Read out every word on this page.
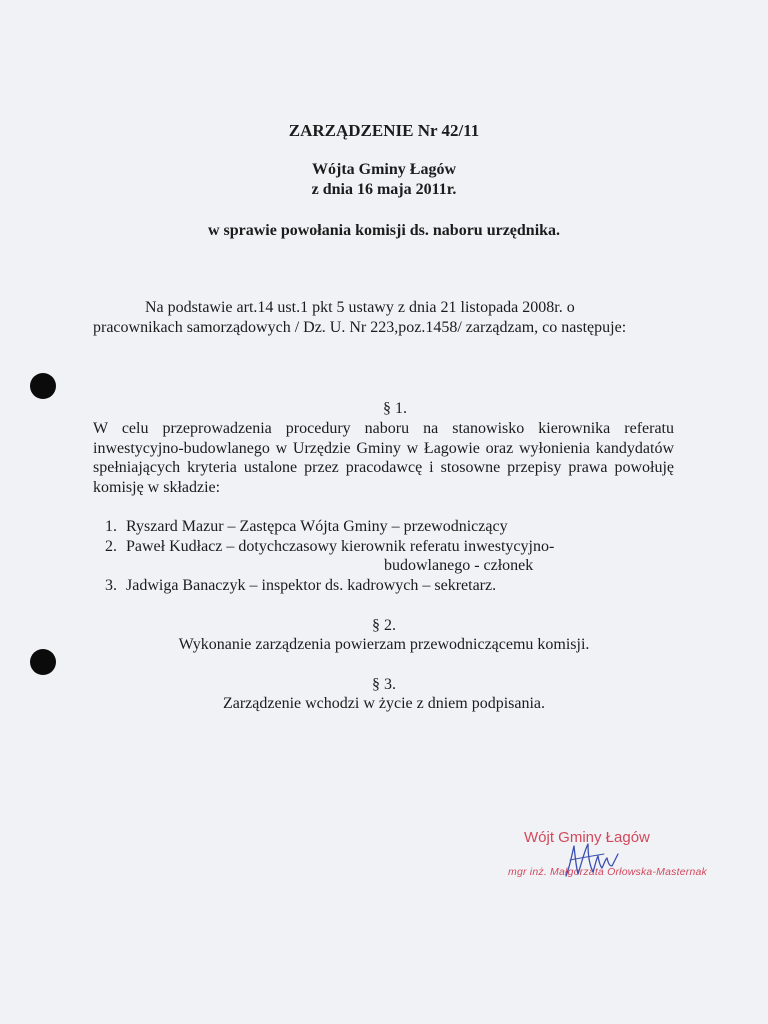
ZARZĄDZENIE Nr 42/11
Wójta Gminy Łagów
z dnia 16 maja 2011r.
w sprawie powołania komisji ds. naboru urzędnika.
Na podstawie art.14 ust.1 pkt 5 ustawy z dnia 21 listopada 2008r. o pracownikach samorządowych / Dz. U. Nr 223,poz.1458/ zarządzam, co następuje:
§ 1.
W celu przeprowadzenia procedury naboru na stanowisko kierownika referatu inwestycyjno-budowlanego w Urzędzie Gminy w Łagowie oraz wyłonienia kandydatów spełniających kryteria ustalone przez pracodawcę i stosowne przepisy prawa powołuję komisję w składzie:
1. Ryszard Mazur – Zastępca Wójta Gminy – przewodniczący
2. Paweł Kudłacz – dotychczasowy kierownik referatu inwestycyjno-
budowlanego - członek
3. Jadwiga Banaczyk – inspektor ds. kadrowych – sekretarz.
§ 2.
Wykonanie zarządzenia powierzam przewodniczącemu komisji.
§ 3.
Zarządzenie wchodzi w życie z dniem podpisania.
Wójt Gminy Łagów
mgr inż. Małgorzata Orłowska-Masternak
